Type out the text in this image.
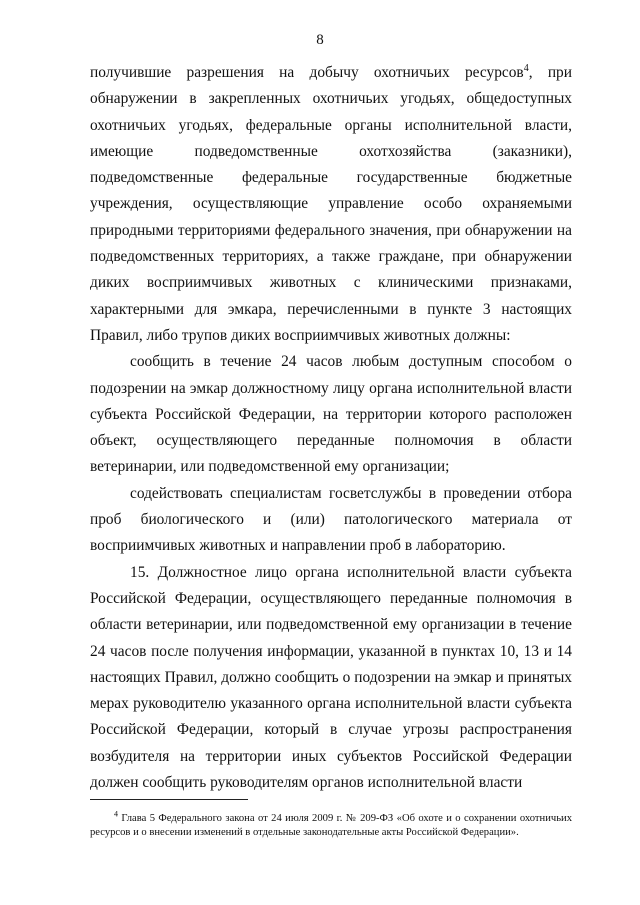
8

получившие разрешения на добычу охотничьих ресурсов$^4$, при обнаружении в закрепленных охотничьих угодьях, общедоступных охотничьих угодьях, федеральные органы исполнительной власти, имеющие подведомственные охотхозяйства (заказники), подведомственные федеральные государственные бюджетные учреждения, осуществляющие управление особо охраняемыми природными территориями федерального значения, при обнаружении на подведомственных территориях, а также граждане, при обнаружении диких восприимчивых животных с клиническими признаками, характерными для эмкара, перечисленными в пункте 3 настоящих Правил, либо трупов диких восприимчивых животных должны:

сообщить в течение 24 часов любым доступным способом о подозрении на эмкар должностному лицу органа исполнительной власти субъекта Российской Федерации, на территории которого расположен объект, осуществляющего переданные полномочия в области ветеринарии, или подведомственной ему организации;

содействовать специалистам госветслужбы в проведении отбора проб биологического и (или) патологического материала от восприимчивых животных и направлении проб в лабораторию.

15. Должностное лицо органа исполнительной власти субъекта Российской Федерации, осуществляющего переданные полномочия в области ветеринарии, или подведомственной ему организации в течение 24 часов после получения информации, указанной в пунктах 10, 13 и 14 настоящих Правил, должно сообщить о подозрении на эмкар и принятых мерах руководителю указанного органа исполнительной власти субъекта Российской Федерации, который в случае угрозы распространения возбудителя на территории иных субъектов Российской Федерации должен сообщить руководителям органов исполнительной власти

$^4$ Глава 5 Федерального закона от 24 июля 2009 г. № 209-ФЗ «Об охоте и о сохранении охотничьих ресурсов и о внесении изменений в отдельные законодательные акты Российской Федерации».
